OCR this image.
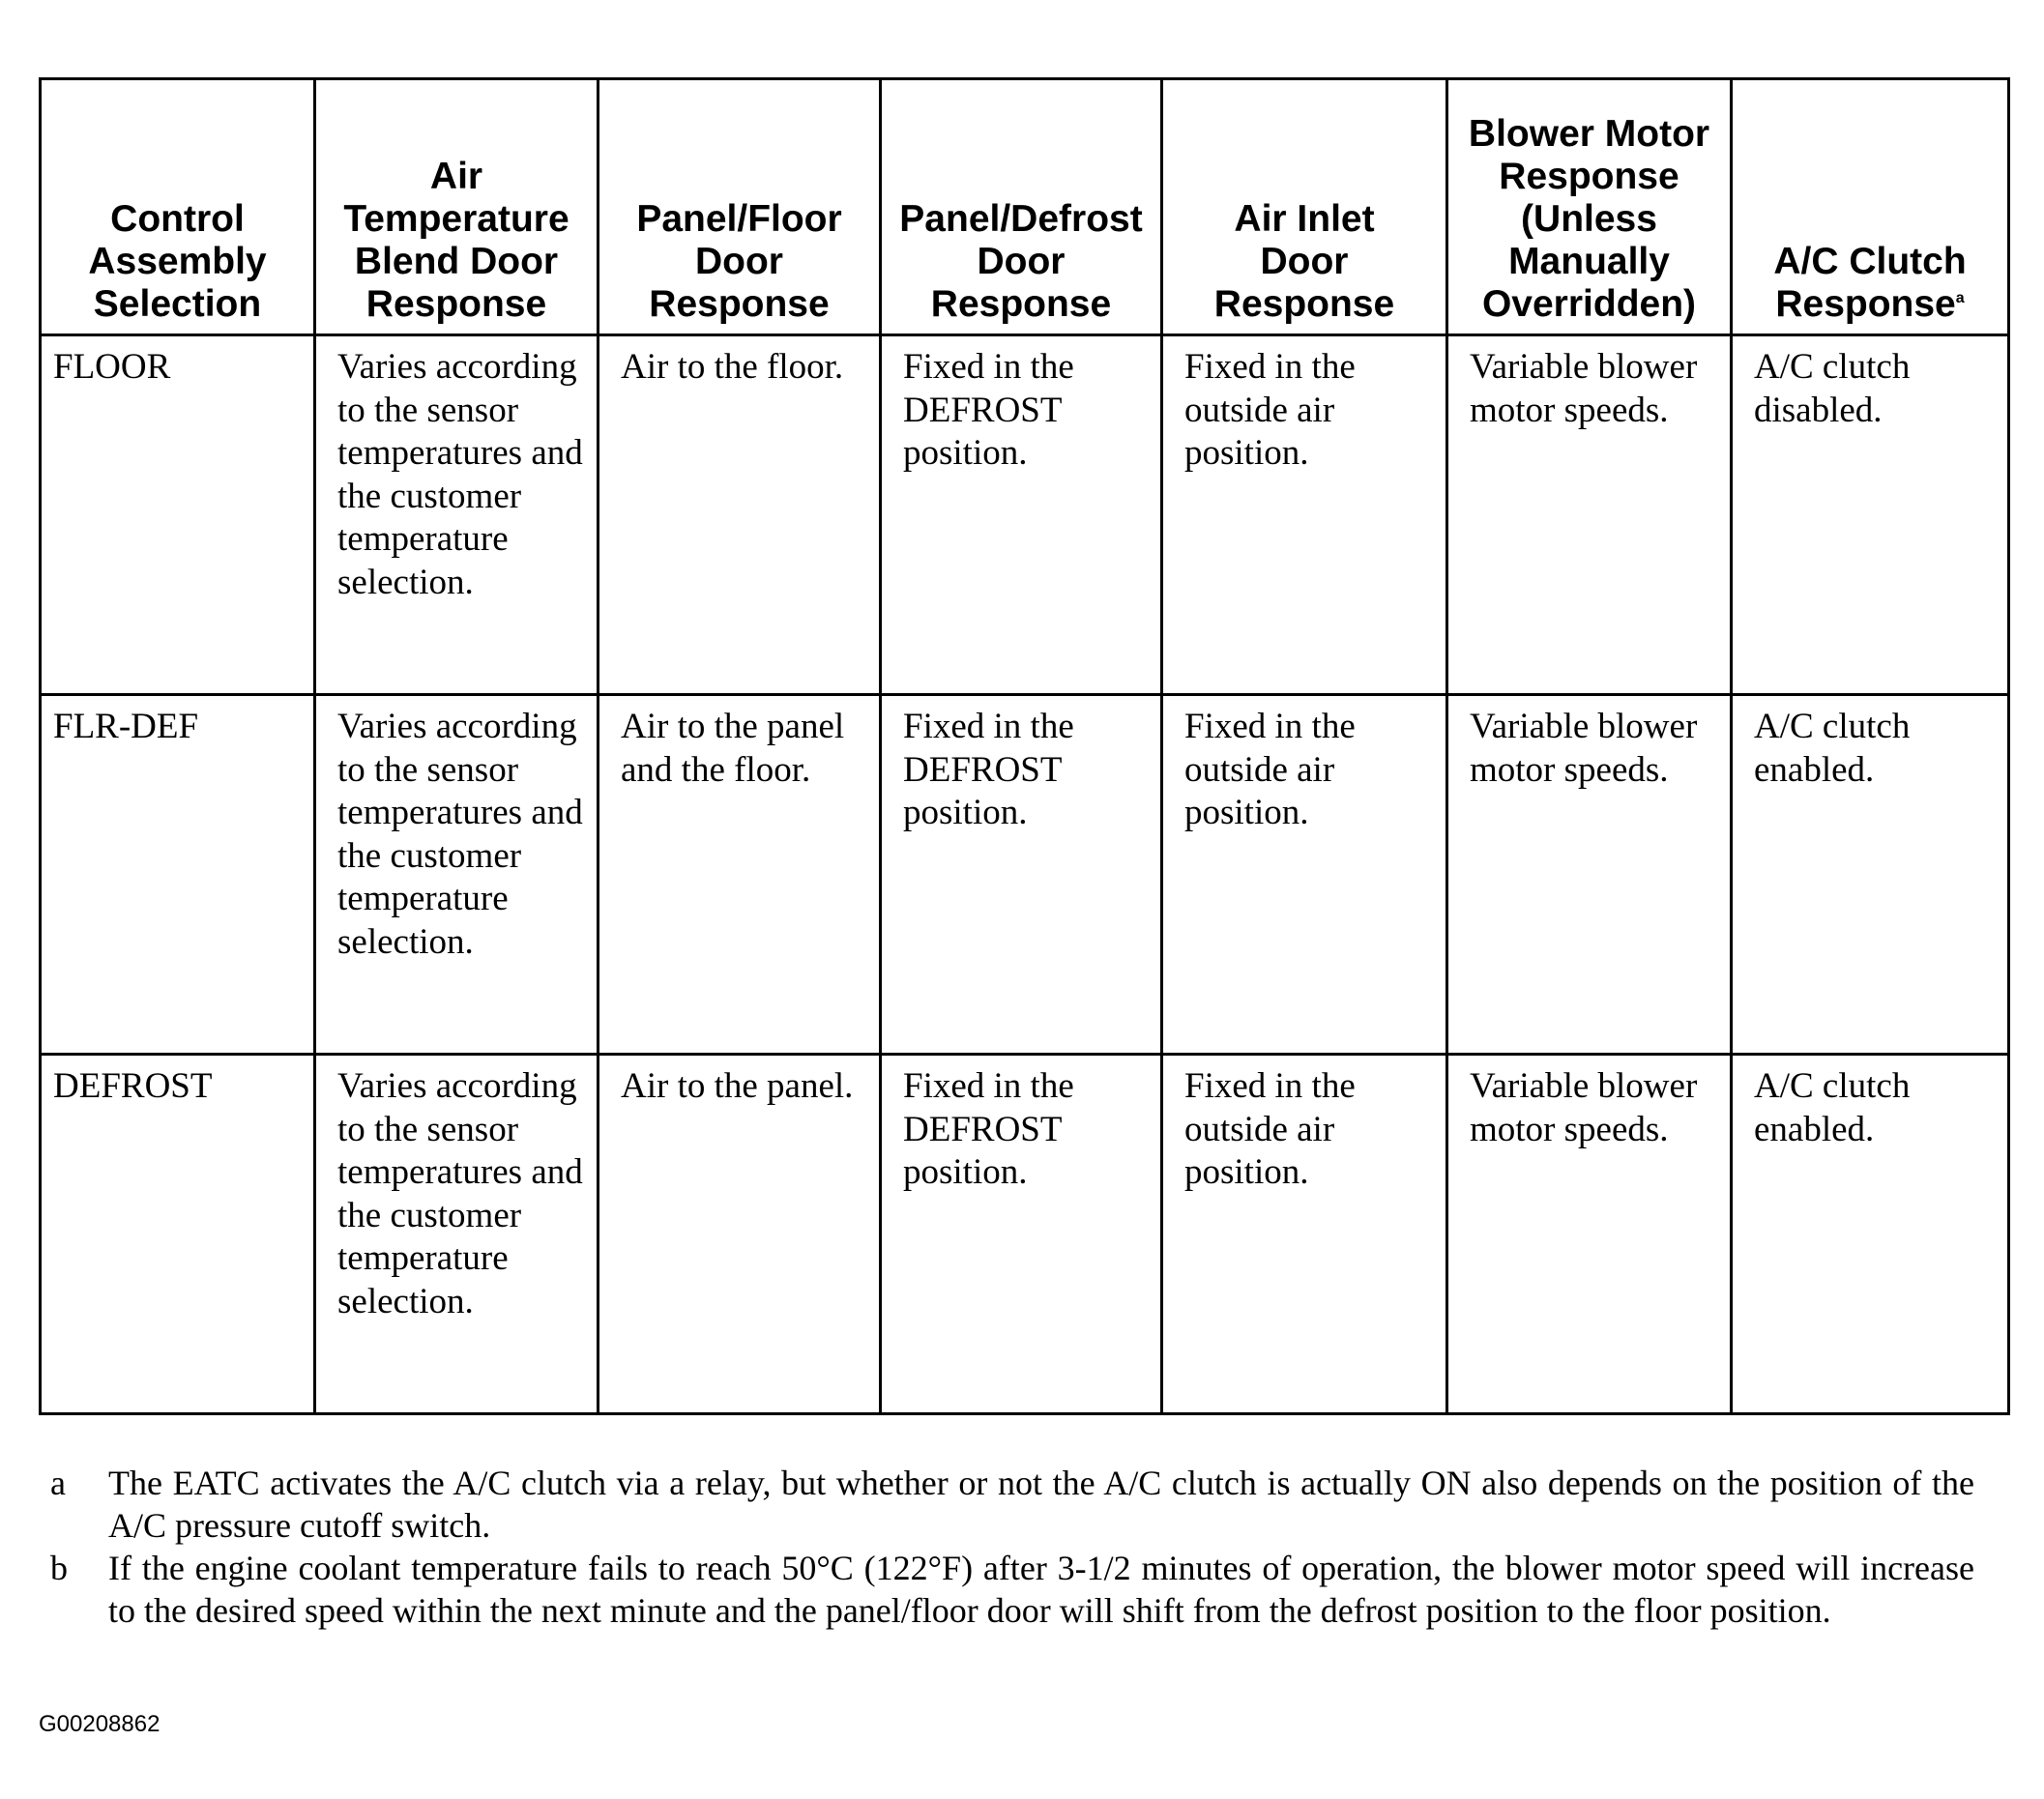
Control Assembly Selection	Air Temperature Blend Door Response	Panel/Floor Door Response	Panel/Defrost Door Response	Air Inlet Door Response	Blower Motor Response (Unless Manually Overridden)	A/C Clutch Response$^a$
FLOOR	Varies according to the sensor temperatures and the customer temperature selection.	Air to the floor.	Fixed in the DEFROST position.	Fixed in the outside air position.	Variable blower motor speeds.	A/C clutch disabled.
FLR-DEF	Varies according to the sensor temperatures and the customer temperature selection.	Air to the panel and the floor.	Fixed in the DEFROST position.	Fixed in the outside air position.	Variable blower motor speeds.	A/C clutch enabled.
DEFROST	Varies according to the sensor temperatures and the customer temperature selection.	Air to the panel.	Fixed in the DEFROST position.	Fixed in the outside air position.	Variable blower motor speeds.	A/C clutch enabled.
a	The EATC activates the A/C clutch via a relay, but whether or not the A/C clutch is actually ON also depends on the position of the A/C pressure cutoff switch.
b	If the engine coolant temperature fails to reach 50°C (122°F) after 3-1/2 minutes of operation, the blower motor speed will increase to the desired speed within the next minute and the panel/floor door will shift from the defrost position to the floor position.
G00208862
